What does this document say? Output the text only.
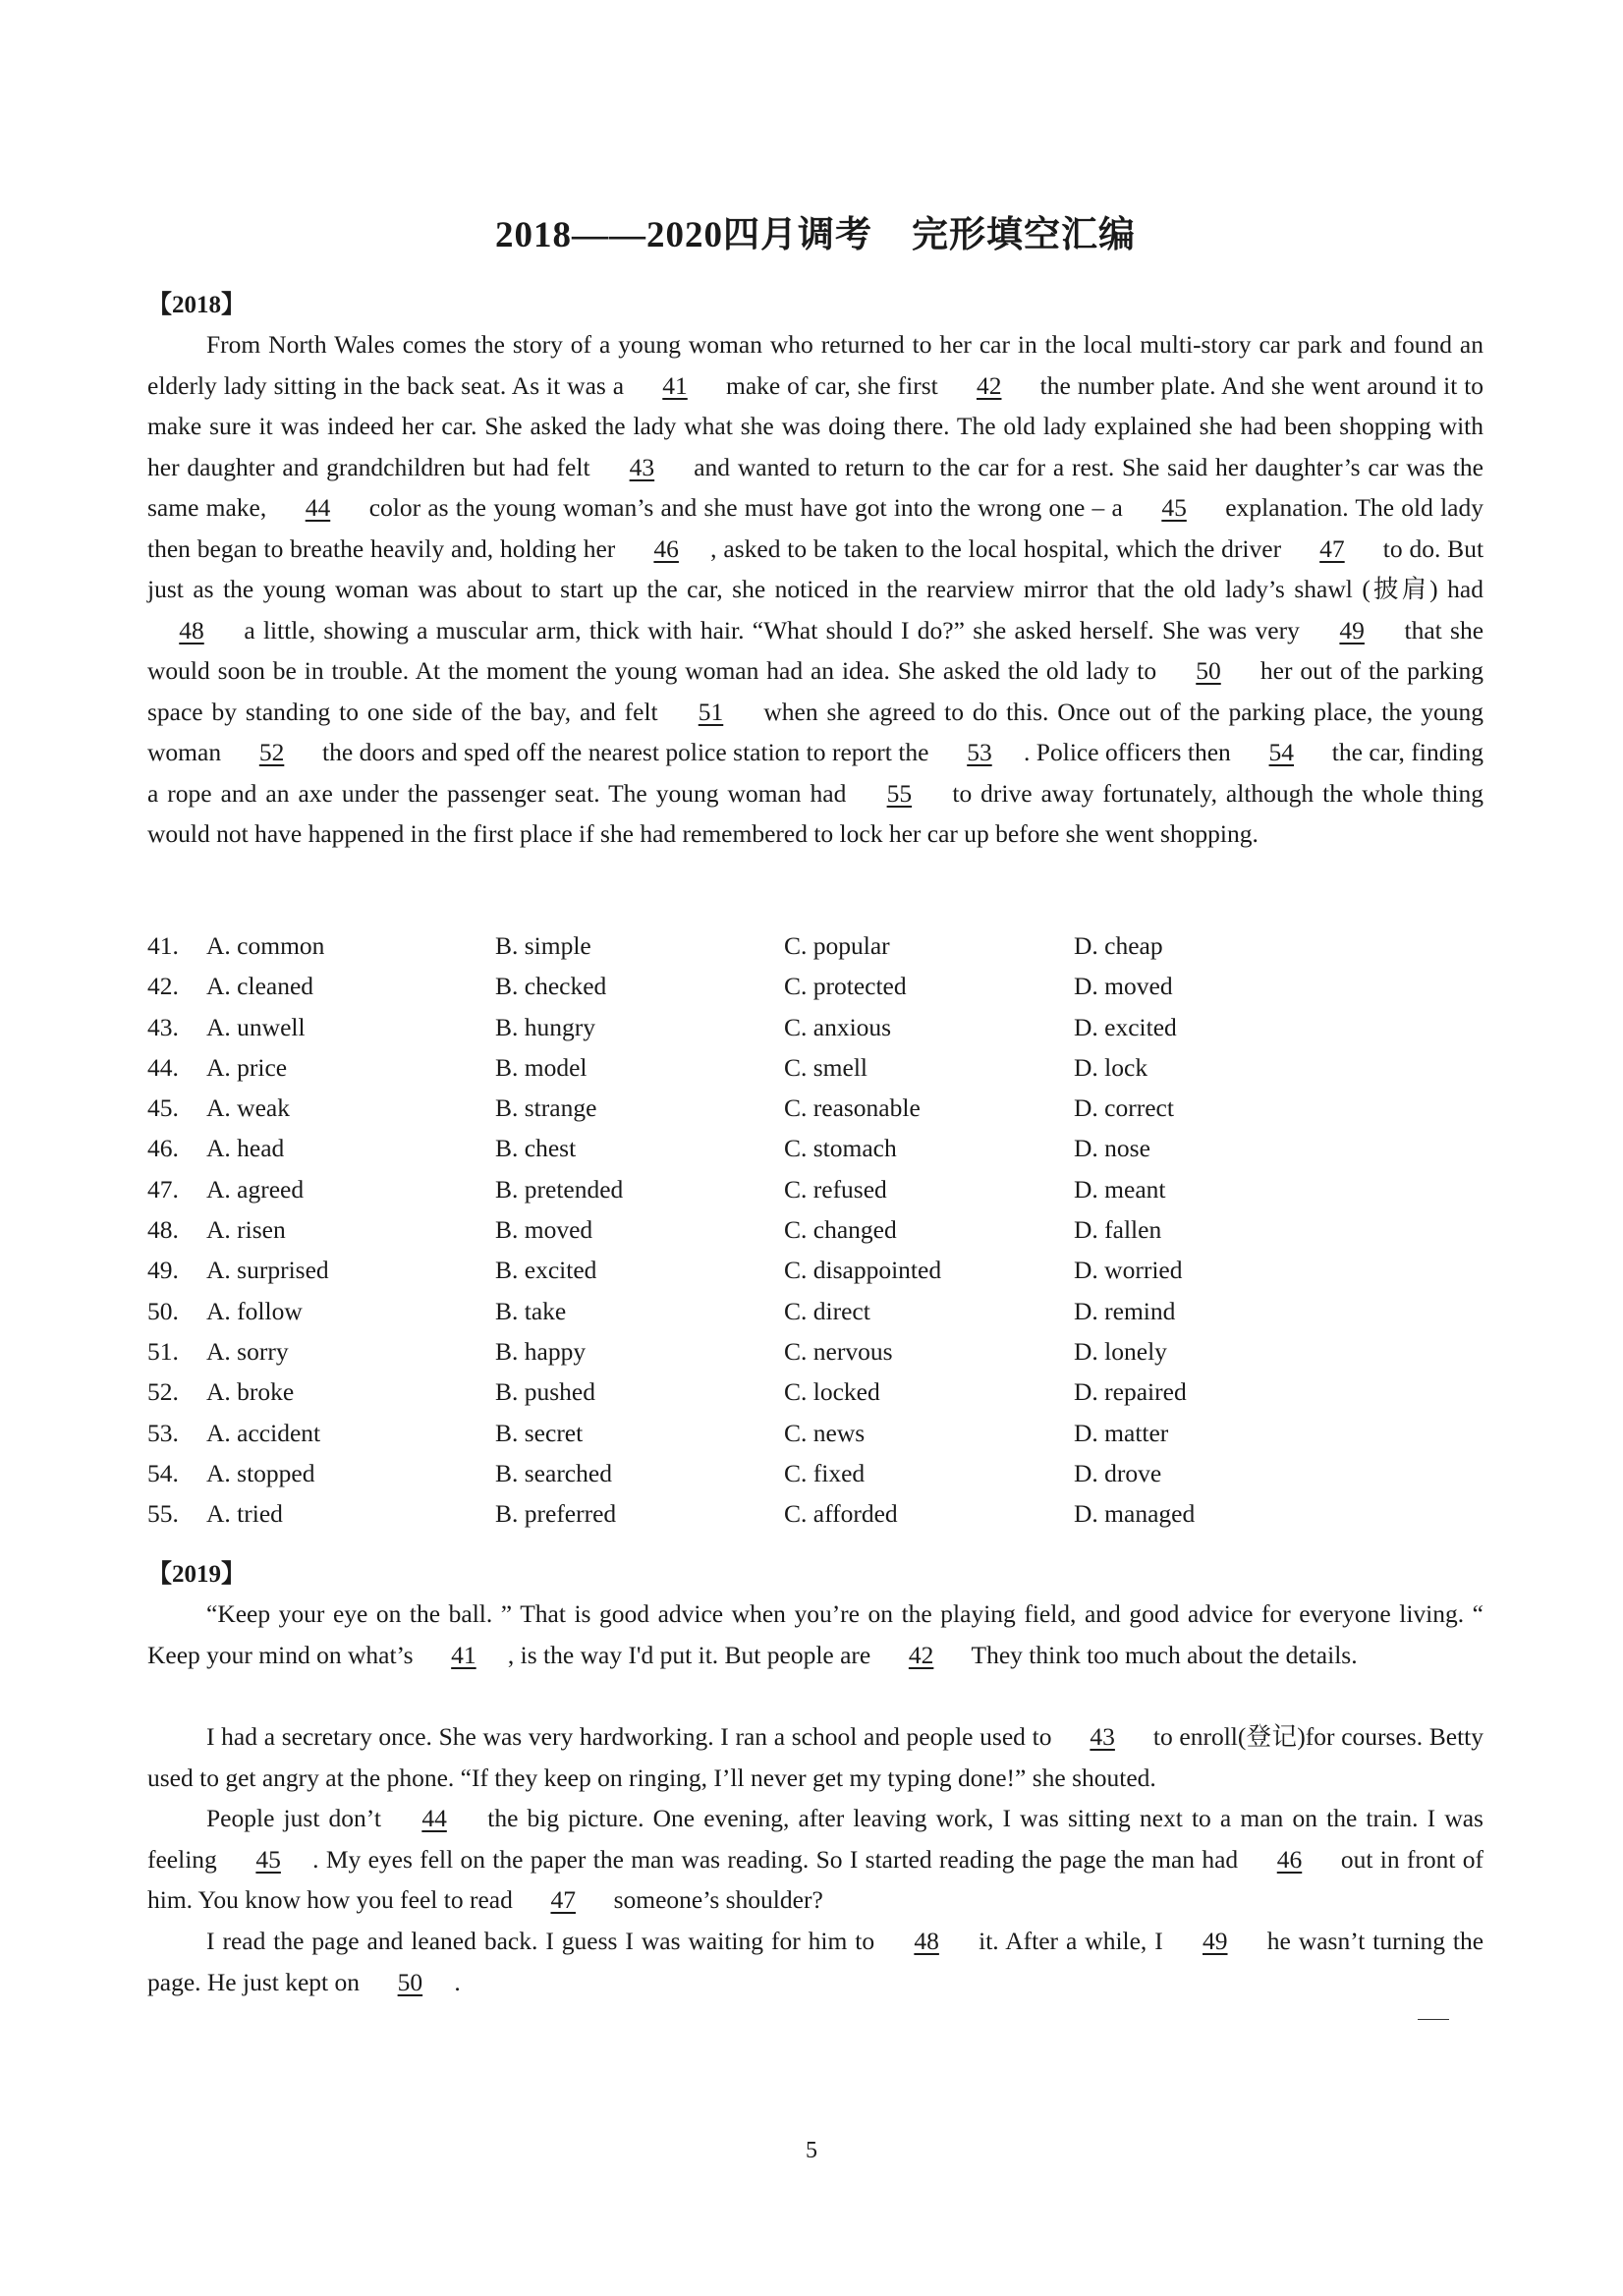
2018——2020四月调考 完形填空汇编
【2018】

From North Wales comes the story of a young woman who returned to her car in the local multi-story car park and found an elderly lady sitting in the back seat. As it was a 41 make of car, she first 42 the number plate. And she went around it to make sure it was indeed her car. She asked the lady what she was doing there. The old lady explained she had been shopping with her daughter and grandchildren but had felt 43 and wanted to return to the car for a rest. She said her daughter’s car was the same make, 44 color as the young woman’s and she must have got into the wrong one – a 45 explanation. The old lady then began to breathe heavily and, holding her 46 , asked to be taken to the local hospital, which the driver 47 to do. But just as the young woman was about to start up the car, she noticed in the rearview mirror that the old lady’s shawl (披肩) had 48 a little, showing a muscular arm, thick with hair. “What should I do?” she asked herself. She was very 49 that she would soon be in trouble. At the moment the young woman had an idea. She asked the old lady to 50 her out of the parking space by standing to one side of the bay, and felt 51 when she agreed to do this. Once out of the parking place, the young woman 52 the doors and sped off the nearest police station to report the 53 . Police officers then 54 the car, finding a rope and an axe under the passenger seat. The young woman had 55 to drive away fortunately, although the whole thing would not have happened in the first place if she had remembered to lock her car up before she went shopping.

41. A. common	B. simple	C. popular	D. cheap
42. A. cleaned	B. checked	C. protected	D. moved
43. A. unwell	B. hungry	C. anxious	D. excited
44. A. price	B. model	C. smell	D. lock
45. A. weak	B. strange	C. reasonable	D. correct
46. A. head	B. chest	C. stomach	D. nose
47. A. agreed	B. pretended	C. refused	D. meant
48. A. risen	B. moved	C. changed	D. fallen
49. A. surprised	B. excited	C. disappointed	D. worried
50. A. follow	B. take	C. direct	D. remind
51. A. sorry	B. happy	C. nervous	D. lonely
52. A. broke	B. pushed	C. locked	D. repaired
53. A. accident	B. secret	C. news	D. matter
54. A. stopped	B. searched	C. fixed	D. drove
55. A. tried	B. preferred	C. afforded	D. managed
【2019】

“Keep your eye on the ball. ” That is good advice when you’re on the playing field, and good advice for everyone living. “ Keep your mind on what’s 41 , is the way I'd put it. But people are 42 They think too much about the details.

I had a secretary once. She was very hardworking. I ran a school and people used to 43 to enroll(登记)for courses. Betty used to get angry at the phone. “If they keep on ringing, I’ll never get my typing done!” she shouted.

People just don’t 44 the big picture. One evening, after leaving work, I was sitting next to a man on the train. I was feeling 45 . My eyes fell on the paper the man was reading. So I started reading the page the man had 46 out in front of him. You know how you feel to read 47 someone’s shoulder?

I read the page and leaned back. I guess I was waiting for him to 48 it. After a while, I 49 he wasn’t turning the page. He just kept on 50 .

5
